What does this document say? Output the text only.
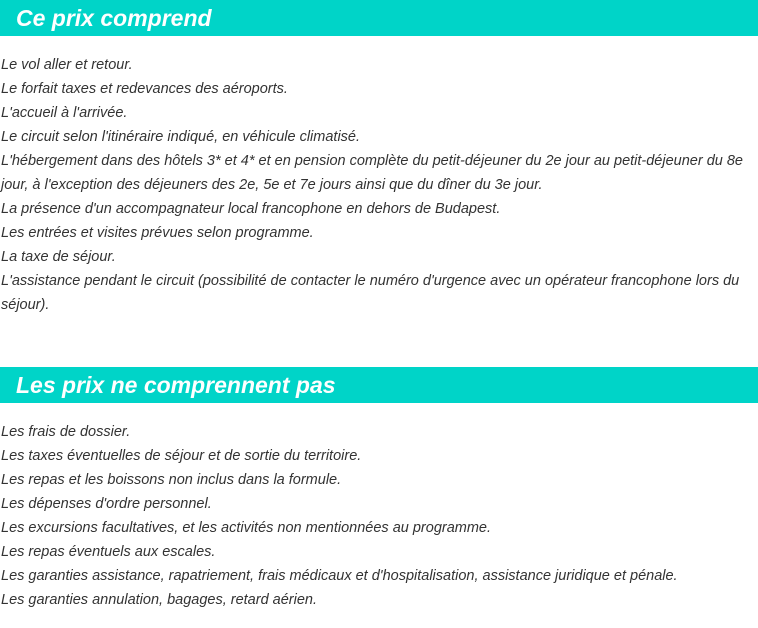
Ce prix comprend
Le vol aller et retour.
Le forfait taxes et redevances des aéroports.
L'accueil à l'arrivée.
Le circuit selon l'itinéraire indiqué, en véhicule climatisé.
L'hébergement dans des hôtels 3* et 4* et en pension complète du petit-déjeuner du 2e jour au petit-déjeuner du 8e jour, à l'exception des déjeuners des 2e, 5e et 7e jours ainsi que du dîner du 3e jour.
La présence d'un accompagnateur local francophone en dehors de Budapest.
Les entrées et visites prévues selon programme.
La taxe de séjour.
L'assistance pendant le circuit (possibilité de contacter le numéro d'urgence avec un opérateur francophone lors du séjour).
Les prix ne comprennent pas
Les frais de dossier.
Les taxes éventuelles de séjour et de sortie du territoire.
Les repas et les boissons non inclus dans la formule.
Les dépenses d'ordre personnel.
Les excursions facultatives, et les activités non mentionnées au programme.
Les repas éventuels aux escales.
Les garanties assistance, rapatriement, frais médicaux et d'hospitalisation, assistance juridique et pénale.
Les garanties annulation, bagages, retard aérien.
